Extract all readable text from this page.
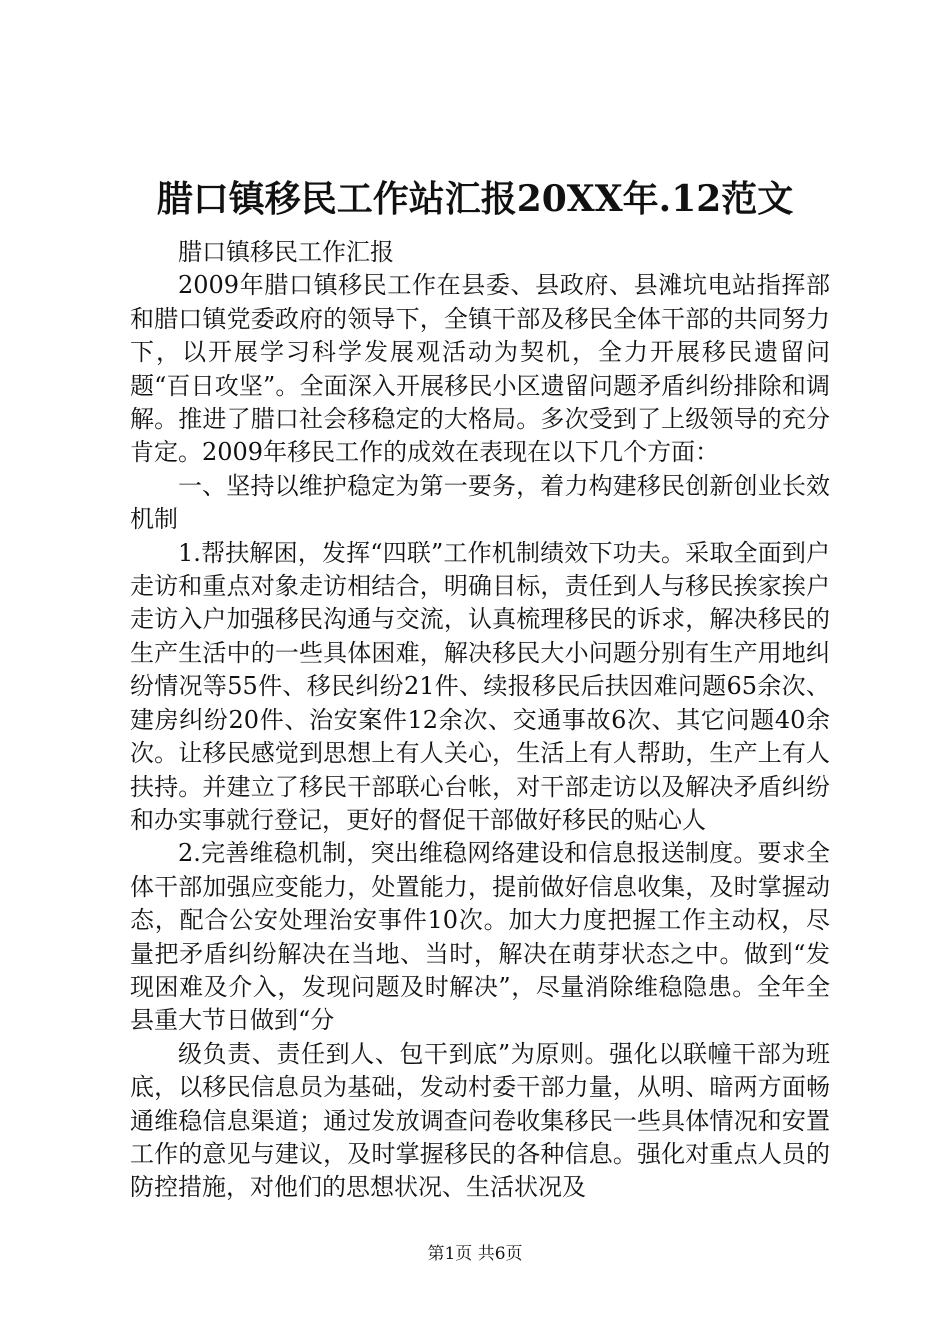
腊口镇移民工作站汇报20XX年.12范文

腊口镇移民工作汇报

2009年腊口镇移民工作在县委、县政府、县滩坑电站指挥部和腊口镇党委政府的领导下，全镇干部及移民全体干部的共同努力下，以开展学习科学发展观活动为契机，全力开展移民遗留问题“百日攻坚”。全面深入开展移民小区遗留问题矛盾纠纷排除和调解。推进了腊口社会移稳定的大格局。多次受到了上级领导的充分肯定。2009年移民工作的成效在表现在以下几个方面：

一、坚持以维护稳定为第一要务，着力构建移民创新创业长效机制

1.帮扶解困，发挥“四联”工作机制绩效下功夫。采取全面到户走访和重点对象走访相结合，明确目标，责任到人与移民挨家挨户走访入户加强移民沟通与交流，认真梳理移民的诉求，解决移民的生产生活中的一些具体困难，解决移民大小问题分别有生产用地纠纷情况等55件、移民纠纷21件、续报移民后扶因难问题65余次、建房纠纷20件、治安案件12余次、交通事故6次、其它问题40余次。让移民感觉到思想上有人关心，生活上有人帮助，生产上有人扶持。并建立了移民干部联心台帐，对干部走访以及解决矛盾纠纷和办实事就行登记，更好的督促干部做好移民的贴心人

2.完善维稳机制，突出维稳网络建设和信息报送制度。要求全体干部加强应变能力，处置能力，提前做好信息收集，及时掌握动态，配合公安处理治安事件10次。加大力度把握工作主动权，尽量把矛盾纠纷解决在当地、当时，解决在萌芽状态之中。做到“发现困难及介入，发现问题及时解决”，尽量消除维稳隐患。全年全县重大节日做到“分

级负责、责任到人、包干到底”为原则。强化以联幢干部为班底，以移民信息员为基础，发动村委干部力量，从明、暗两方面畅通维稳信息渠道；通过发放调查问卷收集移民一些具体情况和安置工作的意见与建议，及时掌握移民的各种信息。强化对重点人员的防控措施，对他们的思想状况、生活状况及

第1页 共6页
